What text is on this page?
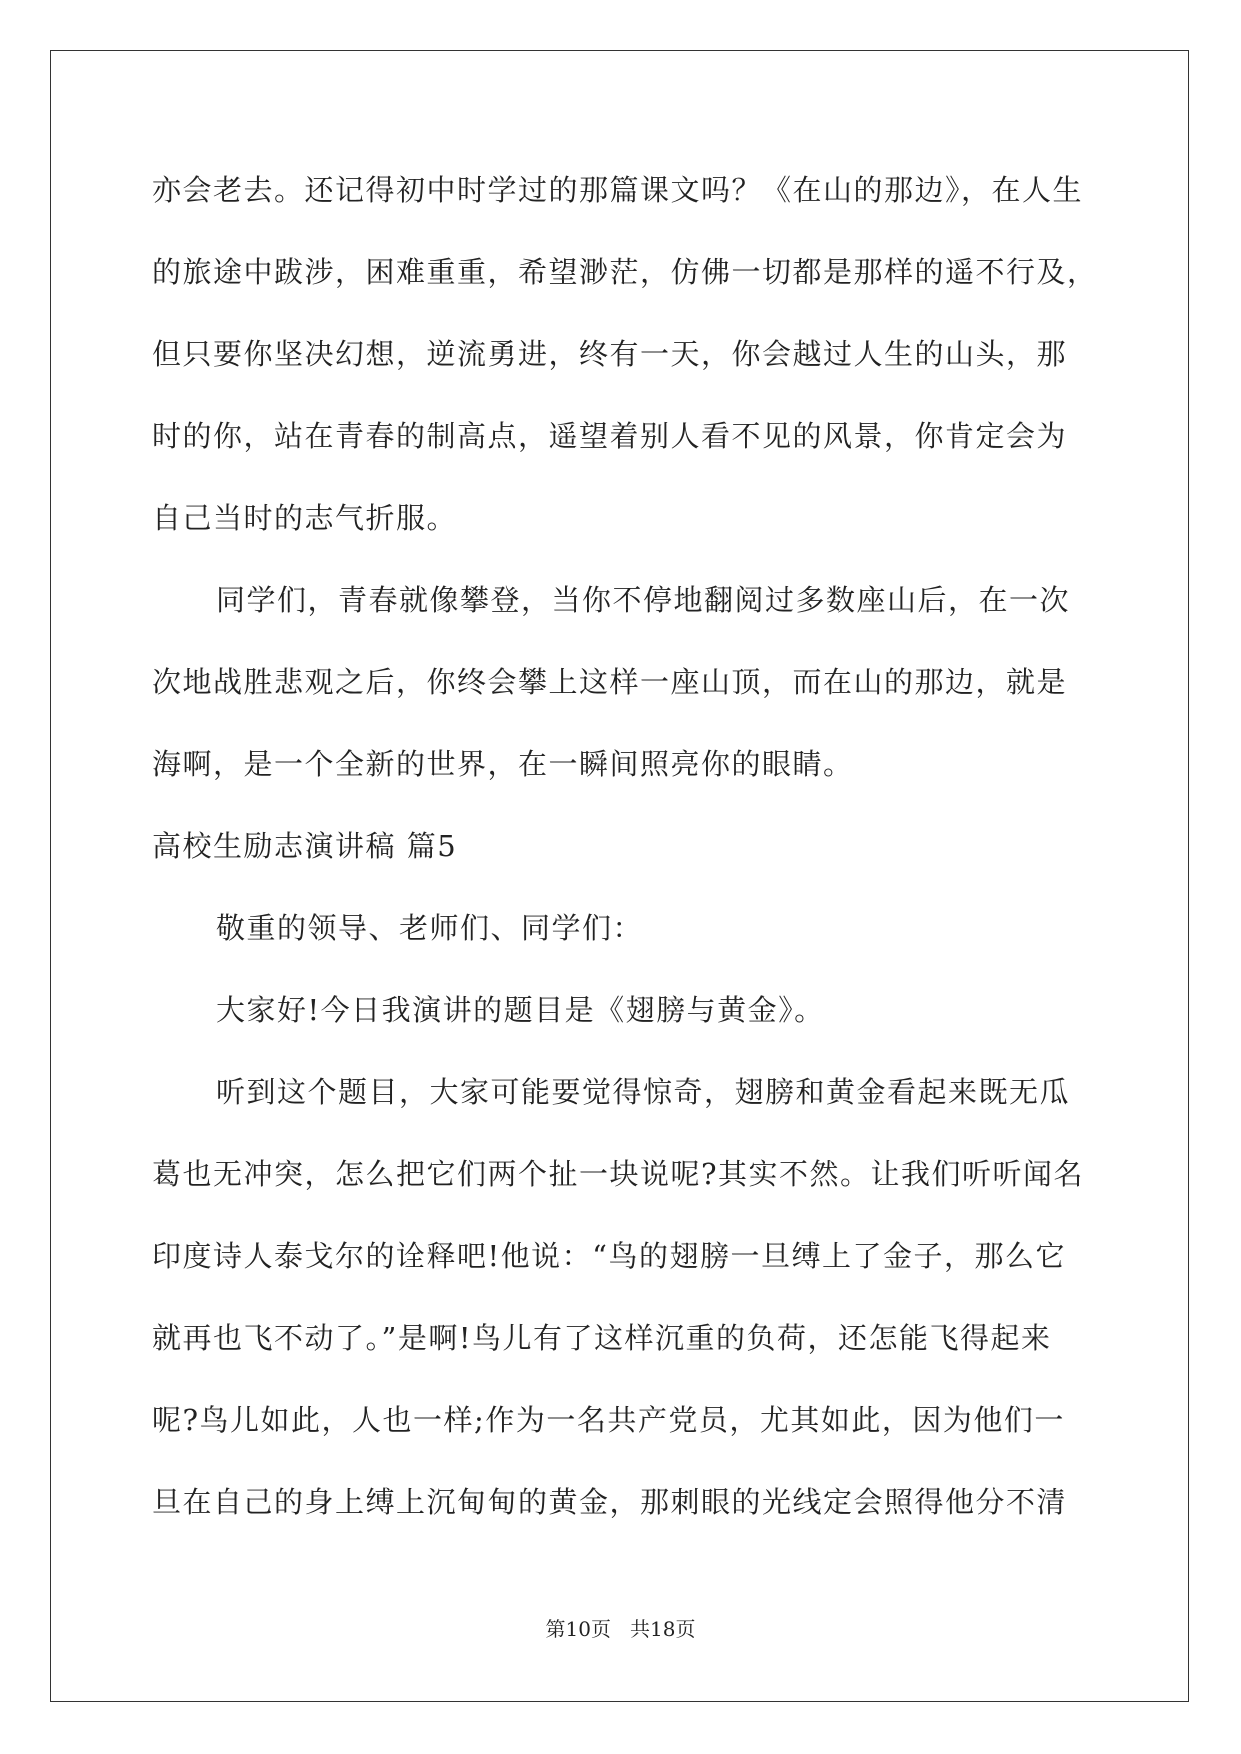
亦会老去。还记得初中时学过的那篇课文吗？《在山的那边》，在人生
的旅途中跋涉，困难重重，希望渺茫，仿佛一切都是那样的遥不行及，
但只要你坚决幻想，逆流勇进，终有一天，你会越过人生的山头，那
时的你，站在青春的制高点，遥望着别人看不见的风景，你肯定会为
自己当时的志气折服。
同学们，青春就像攀登，当你不停地翻阅过多数座山后，在一次
次地战胜悲观之后，你终会攀上这样一座山顶，而在山的那边，就是
海啊，是一个全新的世界，在一瞬间照亮你的眼睛。
高校生励志演讲稿 篇5
敬重的领导、老师们、同学们：
大家好!今日我演讲的题目是《翅膀与黄金》。
听到这个题目，大家可能要觉得惊奇，翅膀和黄金看起来既无瓜
葛也无冲突，怎么把它们两个扯一块说呢?其实不然。让我们听听闻名
印度诗人泰戈尔的诠释吧!他说：“鸟的翅膀一旦缚上了金子，那么它
就再也飞不动了。”是啊!鸟儿有了这样沉重的负荷，还怎能飞得起来
呢?鸟儿如此，人也一样;作为一名共产党员，尤其如此，因为他们一
旦在自己的身上缚上沉甸甸的黄金，那刺眼的光线定会照得他分不清
第10页 共18页
